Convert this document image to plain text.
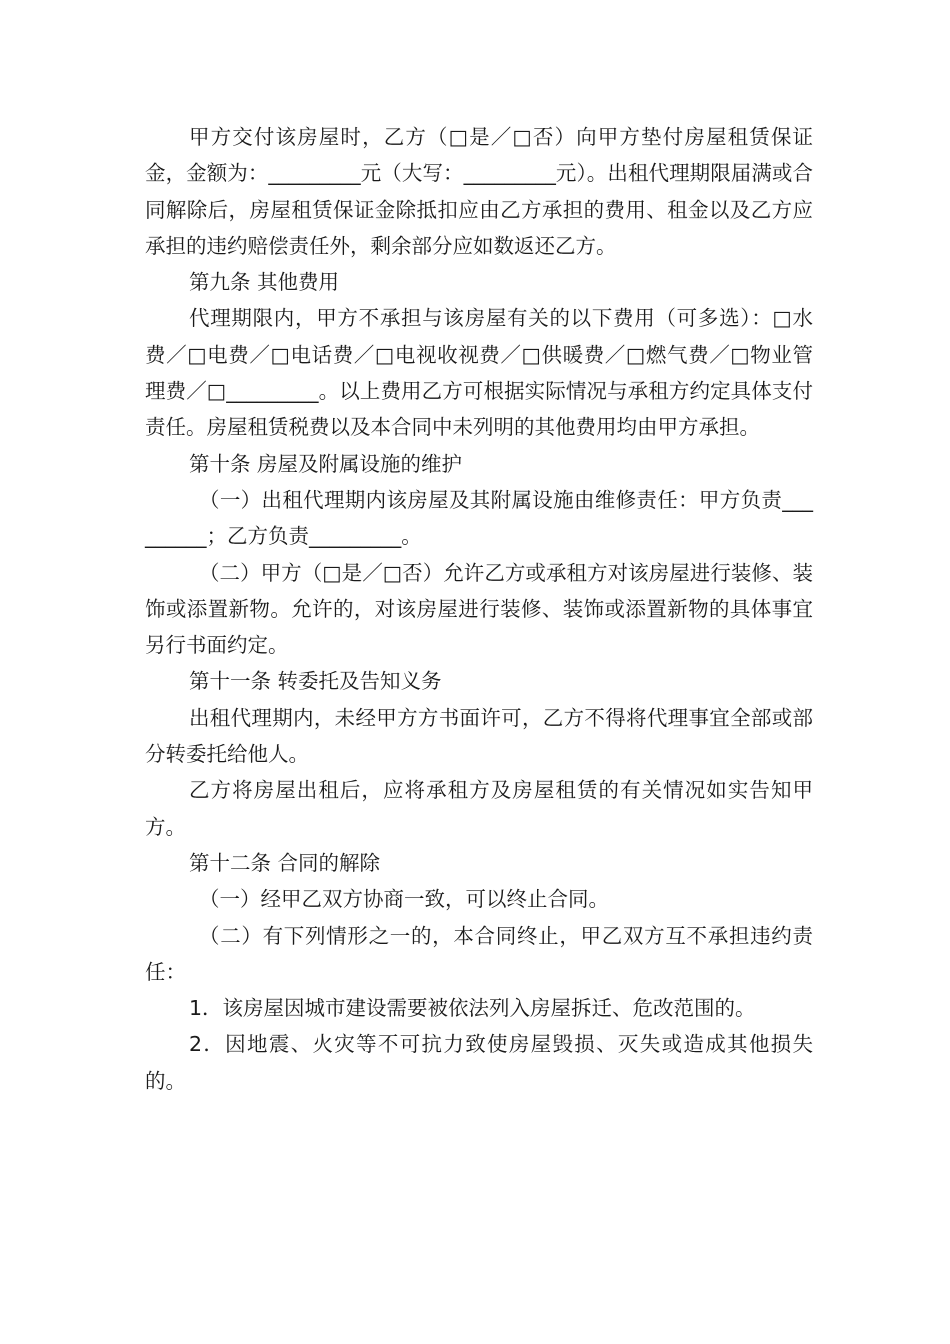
甲方交付该房屋时，乙方（□是／□否）向甲方垫付房屋租赁保证金，金额为：_________元（大写：_________元）。出租代理期限届满或合同解除后，房屋租赁保证金除抵扣应由乙方承担的费用、租金以及乙方应承担的违约赔偿责任外，剩余部分应如数返还乙方。

第九条 其他费用

代理期限内，甲方不承担与该房屋有关的以下费用（可多选）：□水费／□电费／□电话费／□电视收视费／□供暖费／□燃气费／□物业管理费／□_________。以上费用乙方可根据实际情况与承租方约定具体支付责任。房屋租赁税费以及本合同中未列明的其他费用均由甲方承担。

第十条 房屋及附属设施的维护

（一）出租代理期内该房屋及其附属设施由维修责任：甲方负责_________；乙方负责_________。

（二）甲方（□是／□否）允许乙方或承租方对该房屋进行装修、装饰或添置新物。允许的，对该房屋进行装修、装饰或添置新物的具体事宜另行书面约定。

第十一条 转委托及告知义务

出租代理期内，未经甲方方书面许可，乙方不得将代理事宜全部或部分转委托给他人。

乙方将房屋出租后，应将承租方及房屋租赁的有关情况如实告知甲方。

第十二条 合同的解除

（一）经甲乙双方协商一致，可以终止合同。

（二）有下列情形之一的，本合同终止，甲乙双方互不承担违约责任：

1．该房屋因城市建设需要被依法列入房屋拆迁、危改范围的。

2．因地震、火灾等不可抗力致使房屋毁损、灭失或造成其他损失的。
